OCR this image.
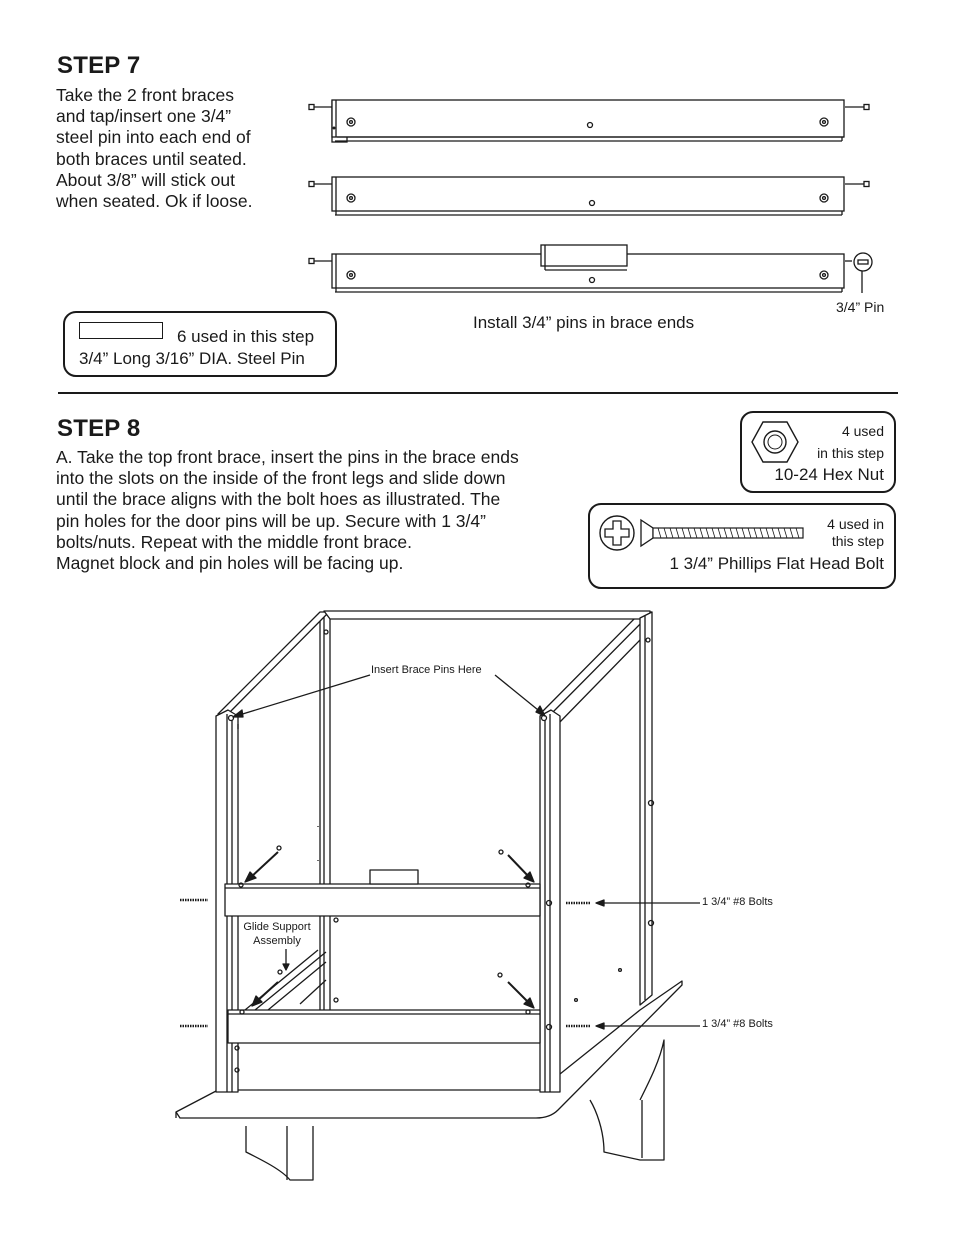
STEP 7
Take the 2 front braces
and tap/insert one 3/4”
steel pin into each end of
both braces until seated.
About 3/8” will stick out
when seated. Ok if loose.
3/4” Pin
Install 3/4” pins in brace ends
6 used in this step
3/4” Long 3/16” DIA. Steel Pin
STEP 8
A. Take the top front brace, insert the pins in the brace ends
into the slots on the inside of the front legs and slide down
until the brace aligns with the bolt hoes as illustrated. The
pin holes for the door pins will be up. Secure with 1 3/4”
bolts/nuts. Repeat with the middle front brace.
Magnet block and pin holes will be facing up.
4 used
in this step
10-24 Hex Nut
4 used in
this step
1 3/4” Phillips Flat Head Bolt
Insert Brace Pins Here
Glide Support
Assembly
1 3/4” #8 Bolts
1 3/4” #8 Bolts
